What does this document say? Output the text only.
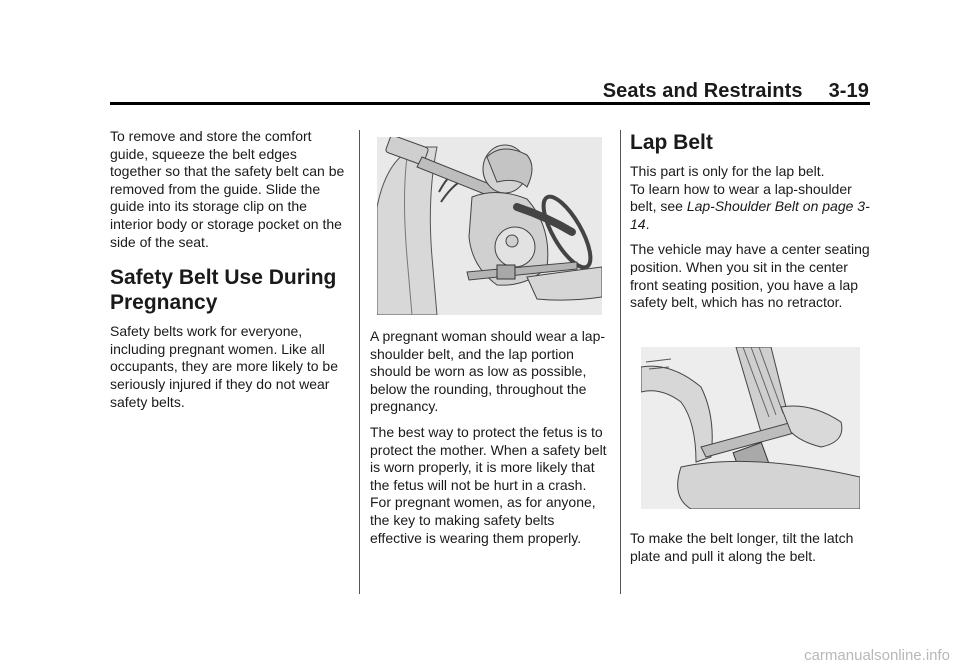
Seats and Restraints 3-19

To remove and store the comfort guide, squeeze the belt edges together so that the safety belt can be removed from the guide. Slide the guide into its storage clip on the interior body or storage pocket on the side of the seat.

Safety Belt Use During Pregnancy

Safety belts work for everyone, including pregnant women. Like all occupants, they are more likely to be seriously injured if they do not wear safety belts.

A pregnant woman should wear a lap-shoulder belt, and the lap portion should be worn as low as possible, below the rounding, throughout the pregnancy.

The best way to protect the fetus is to protect the mother. When a safety belt is worn properly, it is more likely that the fetus will not be hurt in a crash. For pregnant women, as for anyone, the key to making safety belts effective is wearing them properly.

Lap Belt

This part is only for the lap belt.
To learn how to wear a lap-shoulder belt, see Lap-Shoulder Belt on page 3-14.

The vehicle may have a center seating position. When you sit in the center front seating position, you have a lap safety belt, which has no retractor.

To make the belt longer, tilt the latch plate and pull it along the belt.

carmanualsonline.info
